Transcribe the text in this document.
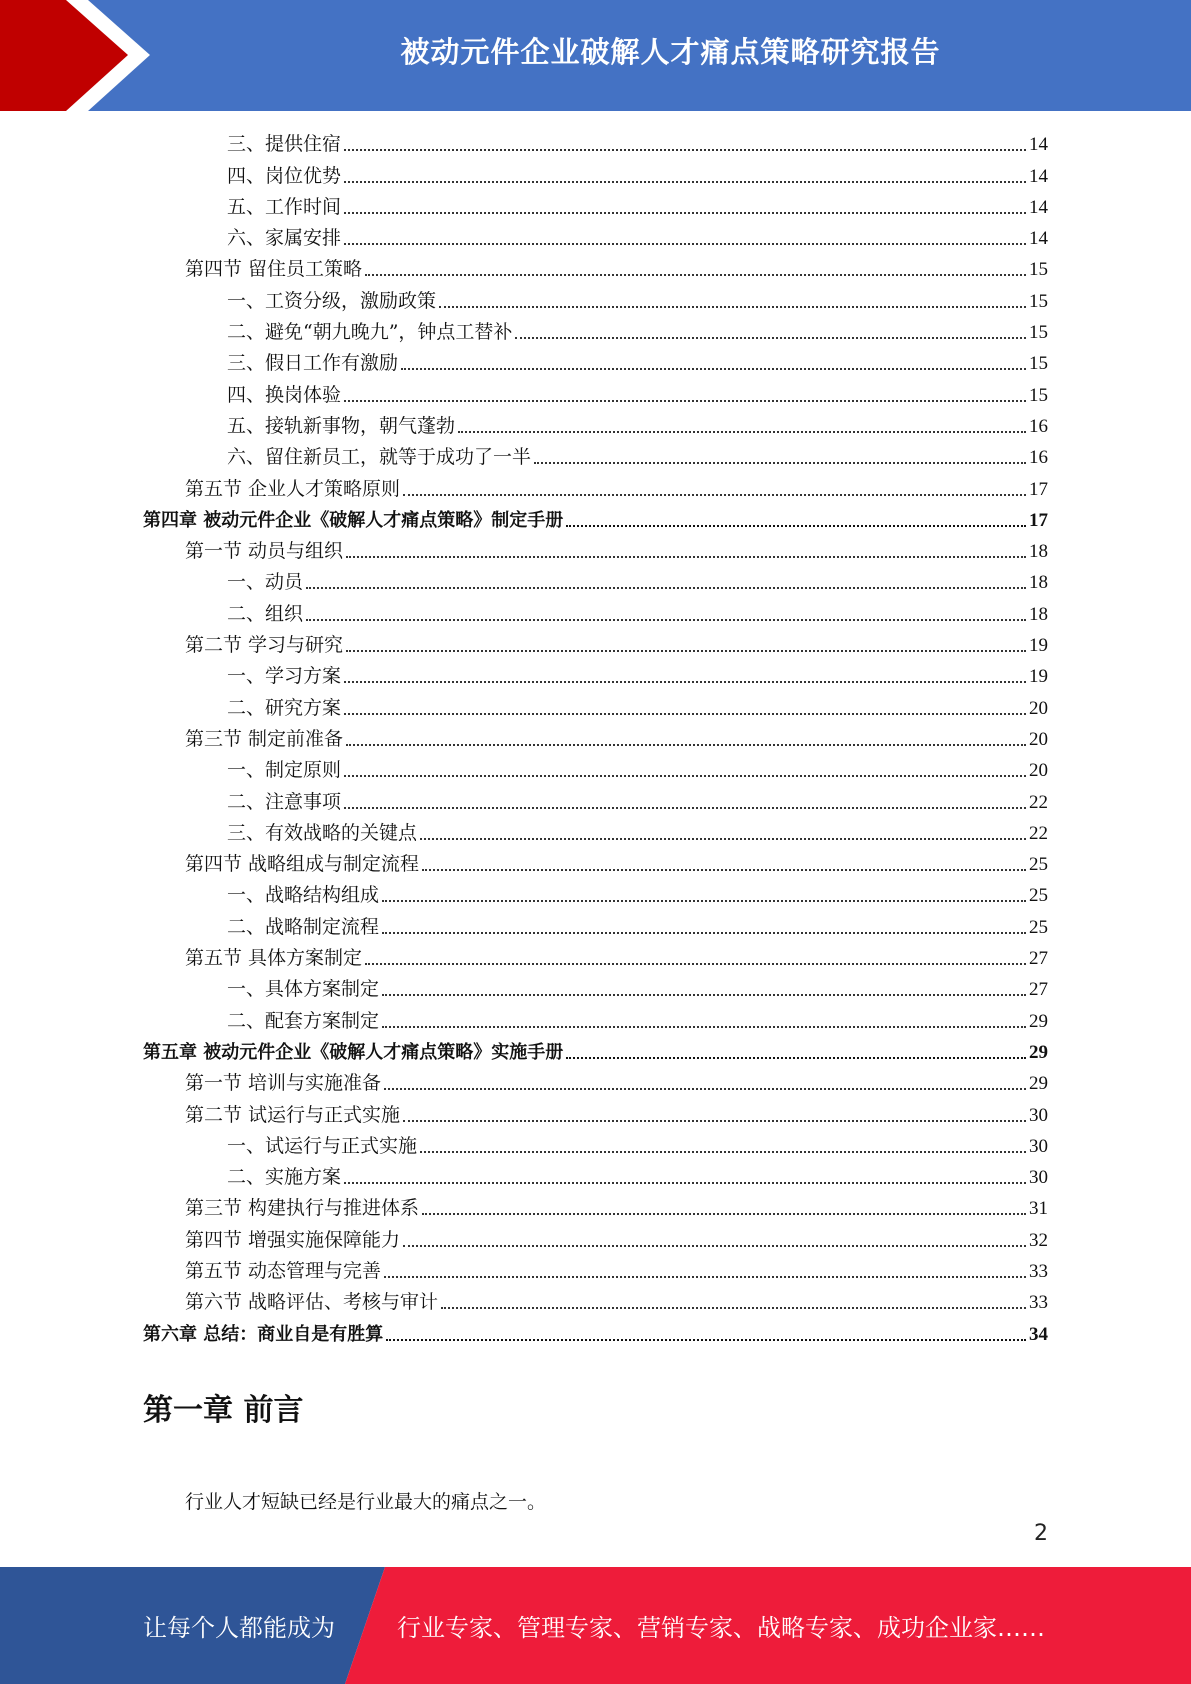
被动元件企业破解人才痛点策略研究报告
三、提供住宿	14
四、岗位优势	14
五、工作时间	14
六、家属安排	14
第四节 留住员工策略	15
一、工资分级，激励政策	15
二、避免“朝九晚九”，钟点工替补	15
三、假日工作有激励	15
四、换岗体验	15
五、接轨新事物，朝气蓬勃	16
六、留住新员工，就等于成功了一半	16
第五节 企业人才策略原则	17
第四章 被动元件企业《破解人才痛点策略》制定手册	17
第一节 动员与组织	18
一、动员	18
二、组织	18
第二节 学习与研究	19
一、学习方案	19
二、研究方案	20
第三节 制定前准备	20
一、制定原则	20
二、注意事项	22
三、有效战略的关键点	22
第四节 战略组成与制定流程	25
一、战略结构组成	25
二、战略制定流程	25
第五节 具体方案制定	27
一、具体方案制定	27
二、配套方案制定	29
第五章 被动元件企业《破解人才痛点策略》实施手册	29
第一节 培训与实施准备	29
第二节 试运行与正式实施	30
一、试运行与正式实施	30
二、实施方案	30
第三节 构建执行与推进体系	31
第四节 增强实施保障能力	32
第五节 动态管理与完善	33
第六节 战略评估、考核与审计	33
第六章 总结：商业自是有胜算	34
第一章 前言
行业人才短缺已经是行业最大的痛点之一。
2
让每个人都能成为	行业专家、管理专家、营销专家、战略专家、成功企业家……
